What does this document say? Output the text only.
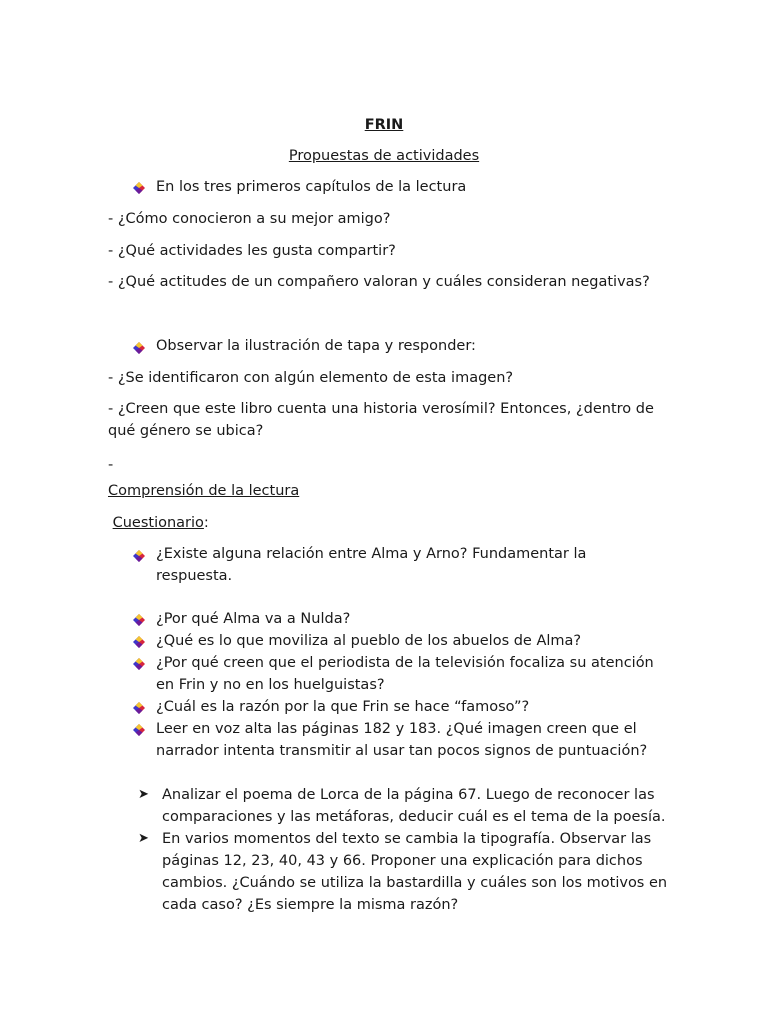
FRIN
Propuestas de actividades
En los tres primeros capítulos de la lectura
- ¿Cómo conocieron a su mejor amigo?
- ¿Qué actividades les gusta compartir?
- ¿Qué actitudes de un compañero valoran y cuáles consideran negativas?
Observar la ilustración de tapa y responder:
- ¿Se identificaron con algún elemento de esta imagen?
- ¿Creen que este libro cuenta una historia verosímil? Entonces, ¿dentro de
qué género se ubica?
-
Comprensión de la lectura
Cuestionario:
¿Existe alguna relación entre Alma y Arno? Fundamentar la
respuesta.
¿Por qué Alma va a Nulda?
¿Qué es lo que moviliza al pueblo de los abuelos de Alma?
¿Por qué creen que el periodista de la televisión focaliza su atención
en Frin y no en los huelguistas?
¿Cuál es la razón por la que Frin se hace “famoso”?
Leer en voz alta las páginas 182 y 183. ¿Qué imagen creen que el
narrador intenta transmitir al usar tan pocos signos de puntuación?
➤ Analizar el poema de Lorca de la página 67. Luego de reconocer las
comparaciones y las metáforas, deducir cuál es el tema de la poesía.
➤ En varios momentos del texto se cambia la tipografía. Observar las
páginas 12, 23, 40, 43 y 66. Proponer una explicación para dichos
cambios. ¿Cuándo se utiliza la bastardilla y cuáles son los motivos en
cada caso? ¿Es siempre la misma razón?
